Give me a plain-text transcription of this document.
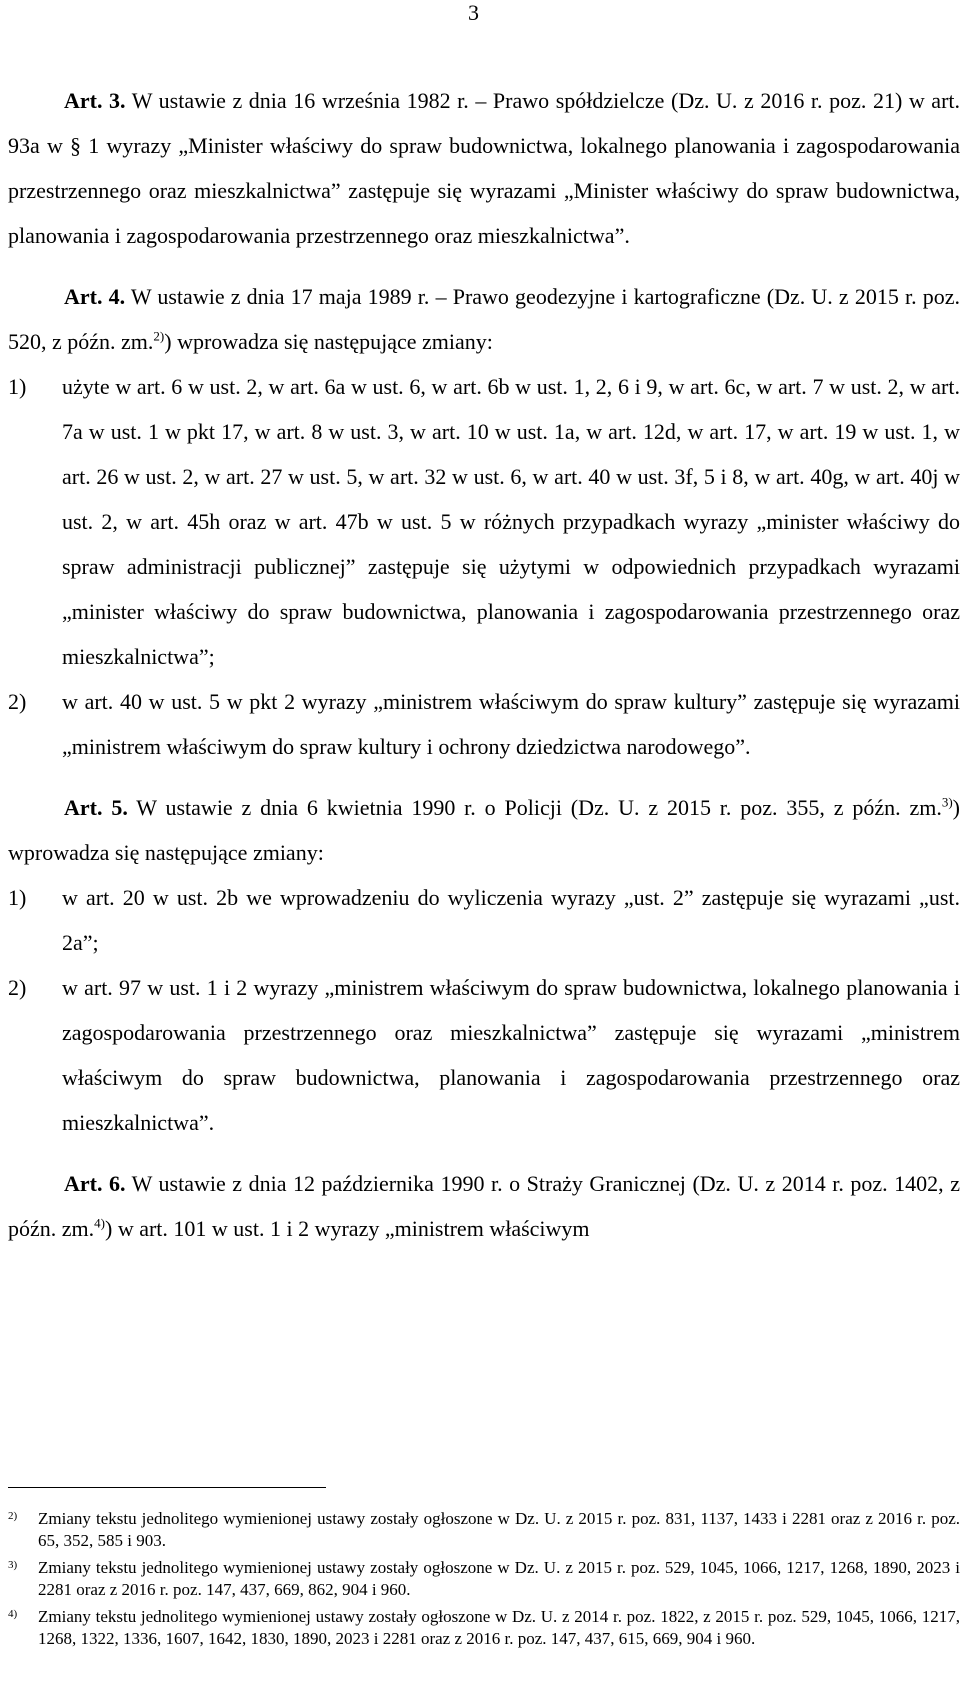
3

Art. 3. W ustawie z dnia 16 września 1982 r. – Prawo spółdzielcze (Dz. U. z 2016 r. poz. 21) w art. 93a w § 1 wyrazy „Minister właściwy do spraw budownictwa, lokalnego planowania i zagospodarowania przestrzennego oraz mieszkalnictwa” zastępuje się wyrazami „Minister właściwy do spraw budownictwa, planowania i zagospodarowania przestrzennego oraz mieszkalnictwa”.

Art. 4. W ustawie z dnia 17 maja 1989 r. – Prawo geodezyjne i kartograficzne (Dz. U. z 2015 r. poz. 520, z późn. zm.$^{2)}$) wprowadza się następujące zmiany:

1) użyte w art. 6 w ust. 2, w art. 6a w ust. 6, w art. 6b w ust. 1, 2, 6 i 9, w art. 6c, w art. 7 w ust. 2, w art. 7a w ust. 1 w pkt 17, w art. 8 w ust. 3, w art. 10 w ust. 1a, w art. 12d, w art. 17, w art. 19 w ust. 1, w art. 26 w ust. 2, w art. 27 w ust. 5, w art. 32 w ust. 6, w art. 40 w ust. 3f, 5 i 8, w art. 40g, w art. 40j w ust. 2, w art. 45h oraz w art. 47b w ust. 5 w różnych przypadkach wyrazy „minister właściwy do spraw administracji publicznej” zastępuje się użytymi w odpowiednich przypadkach wyrazami „minister właściwy do spraw budownictwa, planowania i zagospodarowania przestrzennego oraz mieszkalnictwa”;
2) w art. 40 w ust. 5 w pkt 2 wyrazy „ministrem właściwym do spraw kultury” zastępuje się wyrazami „ministrem właściwym do spraw kultury i ochrony dziedzictwa narodowego”.

Art. 5. W ustawie z dnia 6 kwietnia 1990 r. o Policji (Dz. U. z 2015 r. poz. 355, z późn. zm.$^{3)}$) wprowadza się następujące zmiany:

1) w art. 20 w ust. 2b we wprowadzeniu do wyliczenia wyrazy „ust. 2” zastępuje się wyrazami „ust. 2a”;
2) w art. 97 w ust. 1 i 2 wyrazy „ministrem właściwym do spraw budownictwa, lokalnego planowania i zagospodarowania przestrzennego oraz mieszkalnictwa” zastępuje się wyrazami „ministrem właściwym do spraw budownictwa, planowania i zagospodarowania przestrzennego oraz mieszkalnictwa”.

Art. 6. W ustawie z dnia 12 października 1990 r. o Straży Granicznej (Dz. U. z 2014 r. poz. 1402, z późn. zm.$^{4)}$) w art. 101 w ust. 1 i 2 wyrazy „ministrem właściwym

2) Zmiany tekstu jednolitego wymienionej ustawy zostały ogłoszone w Dz. U. z 2015 r. poz. 831, 1137, 1433 i 2281 oraz z 2016 r. poz. 65, 352, 585 i 903.
3) Zmiany tekstu jednolitego wymienionej ustawy zostały ogłoszone w Dz. U. z 2015 r. poz. 529, 1045, 1066, 1217, 1268, 1890, 2023 i 2281 oraz z 2016 r. poz. 147, 437, 669, 862, 904 i 960.
4) Zmiany tekstu jednolitego wymienionej ustawy zostały ogłoszone w Dz. U. z 2014 r. poz. 1822, z 2015 r. poz. 529, 1045, 1066, 1217, 1268, 1322, 1336, 1607, 1642, 1830, 1890, 2023 i 2281 oraz z 2016 r. poz. 147, 437, 615, 669, 904 i 960.
